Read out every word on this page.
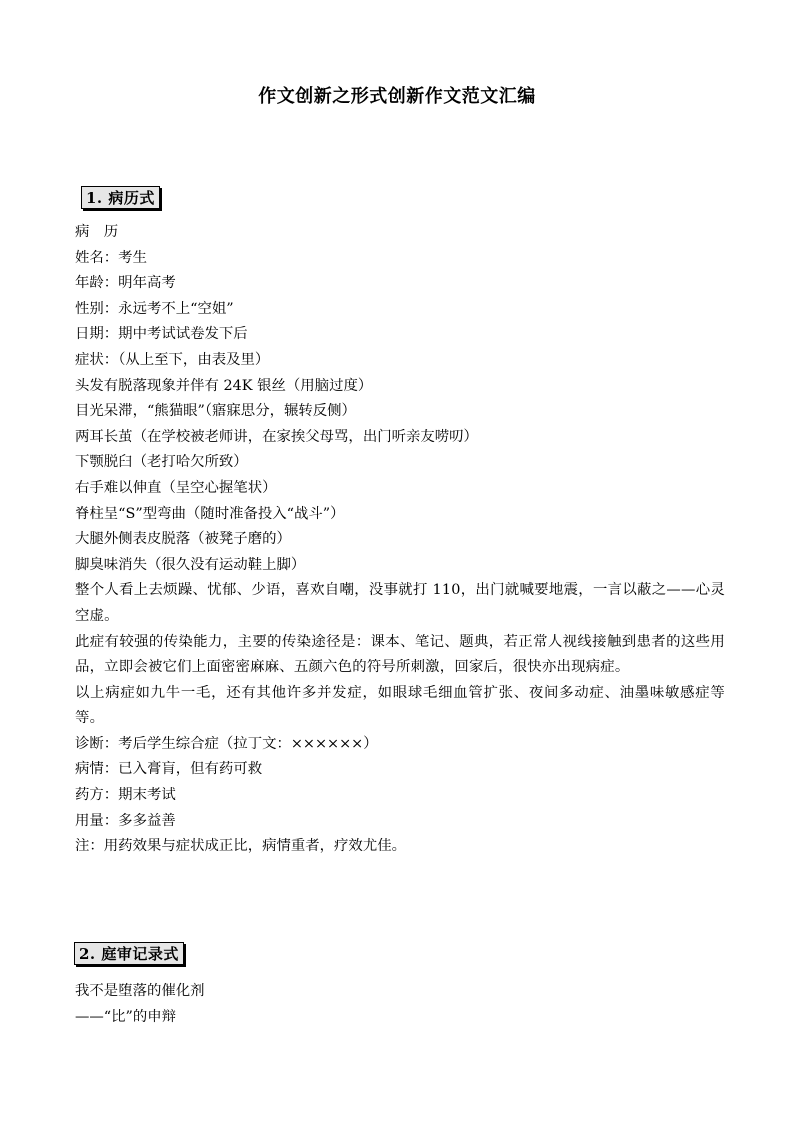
作文创新之形式创新作文范文汇编
1. 病历式
病　历
姓名：考生
年龄：明年高考
性别：永远考不上“空姐”
日期：期中考试试卷发下后
症状：（从上至下，由表及里）
头发有脱落现象并伴有 24K 银丝（用脑过度）
目光呆滞，“熊猫眼”（寤寐思分，辗转反侧）
两耳长茧（在学校被老师讲，在家挨父母骂，出门听亲友唠叨）
下颚脱臼（老打哈欠所致）
右手难以伸直（呈空心握笔状）
脊柱呈“S”型弯曲（随时准备投入“战斗”）
大腿外侧表皮脱落（被凳子磨的）
脚臭味消失（很久没有运动鞋上脚）
整个人看上去烦躁、忧郁、少语，喜欢自嘲，没事就打 110，出门就喊要地震，一言以蔽之——心灵空虚。
此症有较强的传染能力，主要的传染途径是：课本、笔记、题典，若正常人视线接触到患者的这些用品，立即会被它们上面密密麻麻、五颜六色的符号所刺激，回家后，很快亦出现病症。
以上病症如九牛一毛，还有其他许多并发症，如眼球毛细血管扩张、夜间多动症、油墨味敏感症等等。
诊断：考后学生综合症（拉丁文：××××××）
病情：已入膏肓，但有药可救
药方：期末考试
用量：多多益善
注：用药效果与症状成正比，病情重者，疗效尤佳。
2. 庭审记录式
我不是堕落的催化剂
——“比”的申辩
